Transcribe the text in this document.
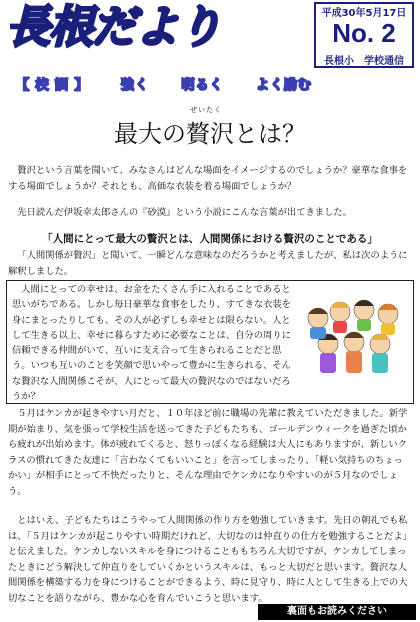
長根だより	平成30年5月17日
No. 2
長根小　学校通信
【 校 訓 】 強く 明るく よく励む
ぜいたく
最大の贅沢とは？
贅沢という言葉を聞いて、みなさんはどんな場面をイメージするのでしょうか？豪華な食事をする場面でしょうか？それとも、高価な衣装を着る場面でしょうか？
先日読んだ伊坂幸太郎さんの『砂漠』という小説にこんな言葉が出てきました。
「人間にとって最大の贅沢とは、人間関係における贅沢のことである」
「人間関係が贅沢」と聞いて、一瞬どんな意味なのだろうかと考えましたが、私は次のように解釈しました。
人間にとっての幸せは、お金をたくさん手に入れることであると思いがちである。しかし毎日豪華な食事をしたり、すてきな衣装を身にまとったりしても、その人が必ずしも幸せとは限らない。人として生きる以上、幸せに暮らすために必要なことは、自分の周りに信頼できる仲間がいて、互いに支え合って生きられることだと思う。いつも互いのことを笑顔で思いやって豊かに生きられる、そんな贅沢な人間関係こそが、人にとって最大の贅沢なのではないだろうか？
５月はケンカが起きやすい月だと、１０年ほど前に職場の先輩に教えていただきました。新学期が始まり、気を張って学校生活を送ってきた子どもたちも、ゴールデンウィークを過ぎた頃から疲れが出始めます。体が疲れてくると、怒りっぽくなる経験は大人にもありますが、新しいクラスの慣れてきた友達に「言わなくてもいいこと」を言ってしまったり、「軽い気持ちのちょっかい」が相手にとって不快だったりと、そんな理由でケンカになりやすいのが５月なのでしょう。
とはいえ、子どもたちはこうやって人間関係の作り方を勉強していきます。先日の朝礼でも私は、「５月はケンカが起こりやすい時期だけれど、大切なのは仲直りの仕方を勉強することだよ」と伝えました。ケンカしないスキルを身につけることももちろん大切ですが、ケンカしてしまったときにどう解決して仲直りをしていくかというスキルは、もっと大切だと思います。贅沢な人間関係を構築する力を身につけることができるよう、時に見守り、時に人として生きる上での大切なことを語りながら、豊かな心を育んでいこうと思います。
裏面もお読みください
